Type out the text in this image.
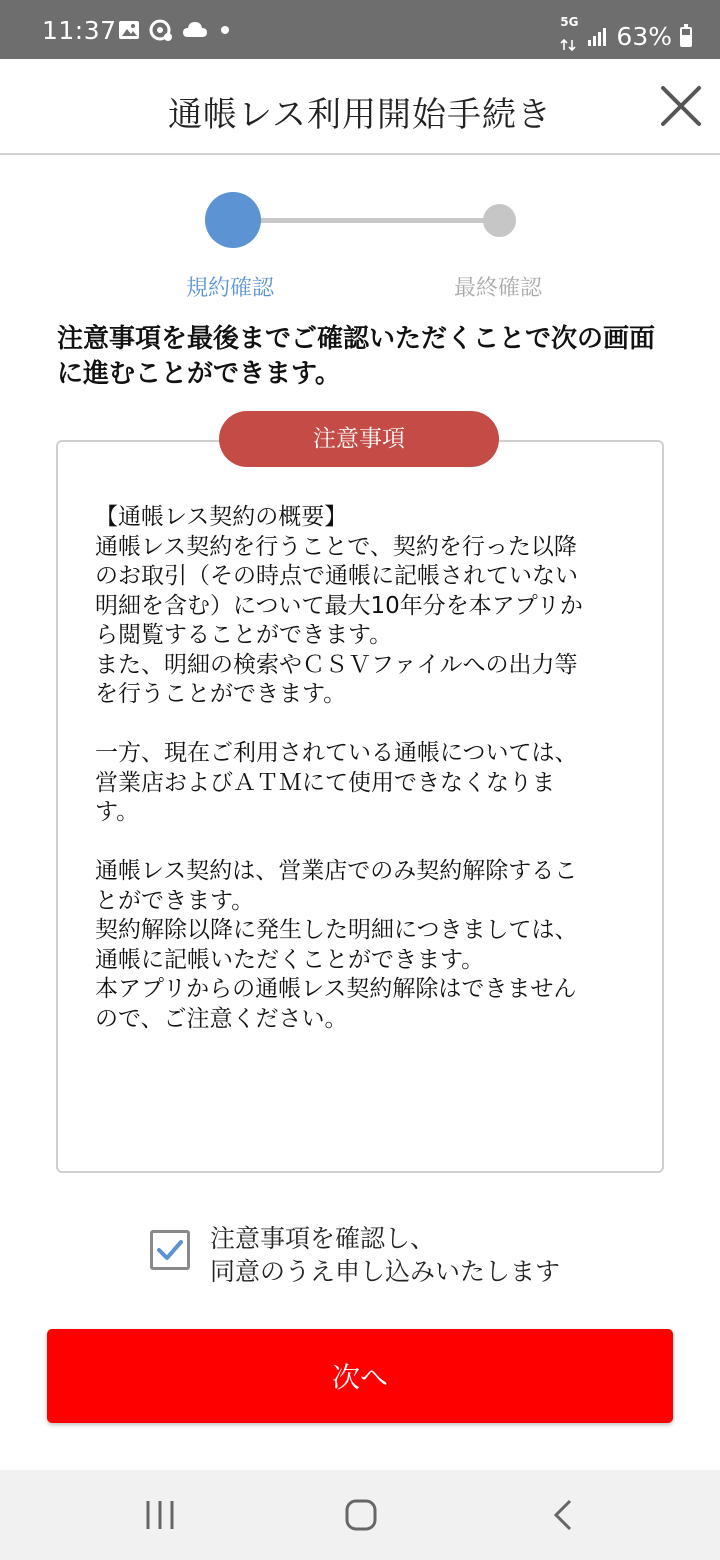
11:37	5G 63%
通帳レス利用開始手続き
規約確認	最終確認
注意事項を最後までご確認いただくことで次の画面に進むことができます。
注意事項

【通帳レス契約の概要】

通帳レス契約を行うことで、契約を行った以降

のお取引（その時点で通帳に記帳されていない

明細を含む）について最大10年分を本アプリか

ら閲覧することができます。

また、明細の検索やＣＳＶファイルへの出力等

を行うことができます。

一方、現在ご利用されている通帳については、

営業店およびＡＴＭにて使用できなくなりま

す。

通帳レス契約は、営業店でのみ契約解除するこ

とができます。

契約解除以降に発生した明細につきましては、

通帳に記帳いただくことができます。

本アプリからの通帳レス契約解除はできません

ので、ご注意ください。

注意事項を確認し、
同意のうえ申し込みいたします
次へ
